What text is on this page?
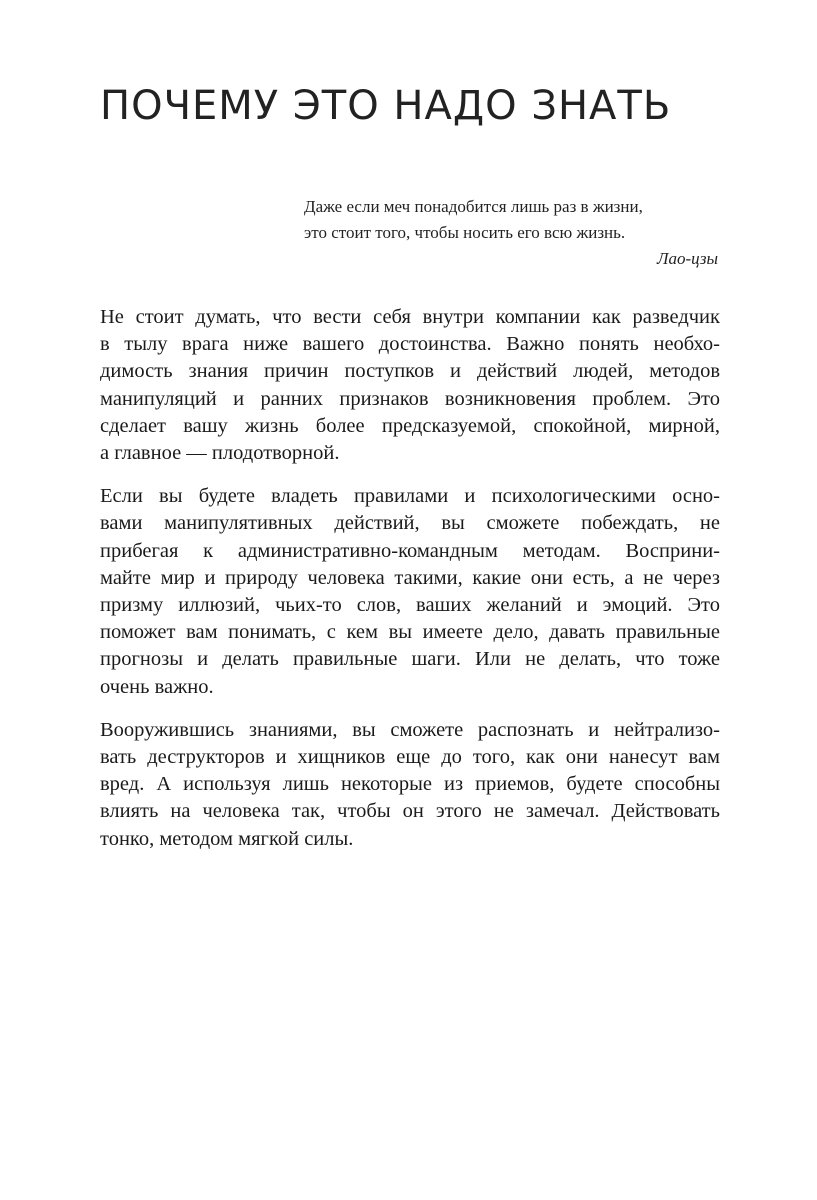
ПОЧЕМУ ЭТО НАДО ЗНАТЬ
Даже если меч понадобится лишь раз в жизни,
это стоит того, чтобы носить его всю жизнь.
Лао-цзы

Не стоит думать, что вести себя внутри компании как разведчик
в тылу врага ниже вашего достоинства. Важно понять необхо-
димость знания причин поступков и действий людей, методов
манипуляций и ранних признаков возникновения проблем. Это
сделает вашу жизнь более предсказуемой, спокойной, мирной,
а главное — плодотворной.

Если вы будете владеть правилами и психологическими осно-
вами манипулятивных действий, вы сможете побеждать, не
прибегая к административно-командным методам. Восприни-
майте мир и природу человека такими, какие они есть, а не через
призму иллюзий, чьих-то слов, ваших желаний и эмоций. Это
поможет вам понимать, с кем вы имеете дело, давать правильные
прогнозы и делать правильные шаги. Или не делать, что тоже
очень важно.

Вооружившись знаниями, вы сможете распознать и нейтрализо-
вать деструкторов и хищников еще до того, как они нанесут вам
вред. А используя лишь некоторые из приемов, будете способны
влиять на человека так, чтобы он этого не замечал. Действовать
тонко, методом мягкой силы.
